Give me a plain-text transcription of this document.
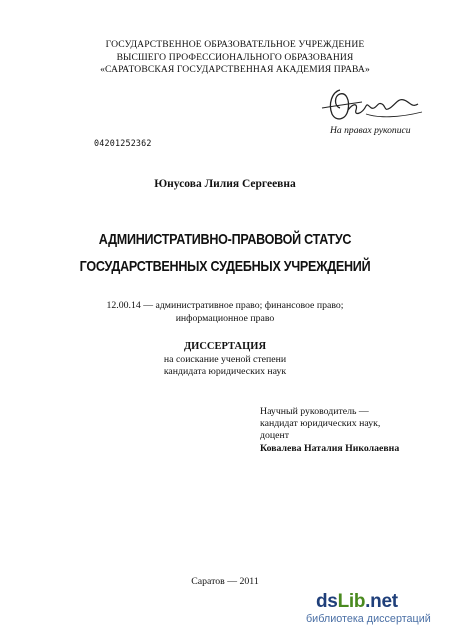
ГОСУДАРСТВЕННОЕ ОБРАЗОВАТЕЛЬНОЕ УЧРЕЖДЕНИЕ
ВЫСШЕГО ПРОФЕССИОНАЛЬНОГО ОБРАЗОВАНИЯ
«САРАТОВСКАЯ ГОСУДАРСТВЕННАЯ АКАДЕМИЯ ПРАВА»
На правах рукописи
04201252362
Юнусова Лилия Сергеевна
АДМИНИСТРАТИВНО-ПРАВОВОЙ СТАТУС
ГОСУДАРСТВЕННЫХ СУДЕБНЫХ УЧРЕЖДЕНИЙ
12.00.14 — административное право; финансовое право;
информационное право
ДИССЕРТАЦИЯ
на соискание ученой степени
кандидата юридических наук
Научный руководитель —
кандидат юридических наук,
доцент
Ковалева Наталия Николаевна
Саратов — 2011
dsLib.net
библиотека диссертаций
